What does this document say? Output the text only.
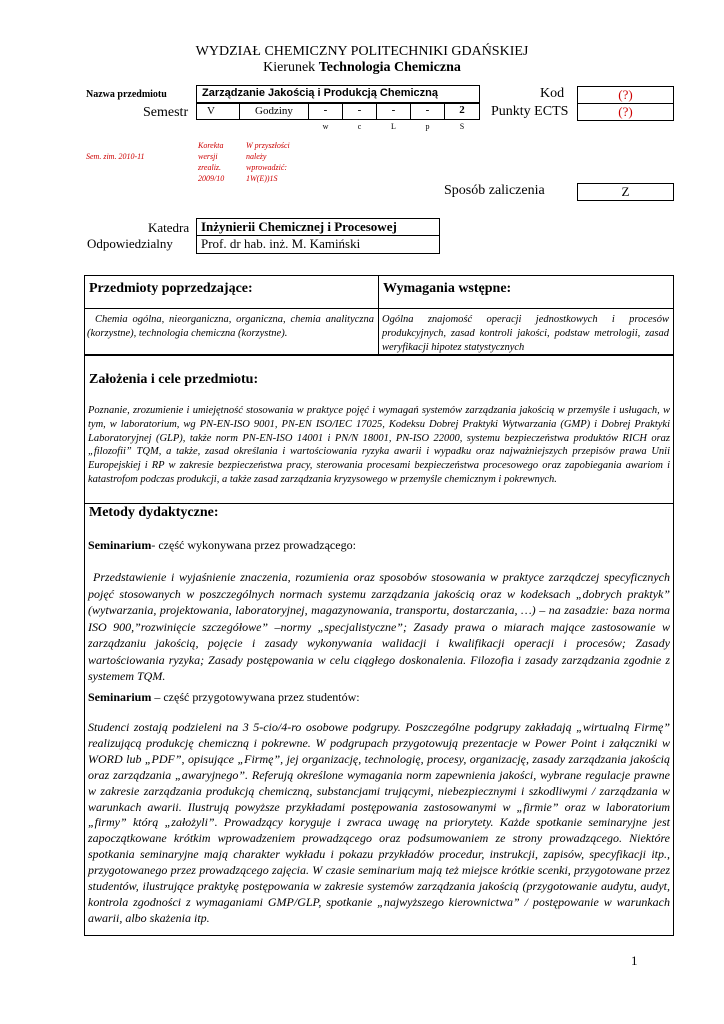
WYDZIAŁ CHEMICZNY POLITECHNIKI GDAŃSKIEJ
Kierunek Technologia Chemiczna
Nazwa przedmiotu	Zarządzanie Jakością i Produkcją Chemiczną
Semestr	V	Godziny	-	-	-	-	2
w	c	L	p	S
Kod	(?)
Punkty ECTS	(?)
Sem. zim. 2010-11
Korekta wersji zrealiz. 2009/10
W przyszłości należy wprowadzić: 1W(E))1S
Sposób zaliczenia	Z
Katedra Inżynierii Chemicznej i Procesowej
Odpowiedzialny	Prof. dr hab. inż. M. Kamiński
Przedmioty poprzedzające:	Wymagania wstępne:
Chemia ogólna, nieorganiczna, organiczna, chemia analityczna (korzystne), technologia chemiczna (korzystne).
Ogólna znajomość operacji jednostkowych i procesów produkcyjnych, zasad kontroli jakości, podstaw metrologii, zasad weryfikacji hipotez statystycznych
Założenia i cele przedmiotu:
Poznanie, zrozumienie i umiejętność stosowania w praktyce pojęć i wymagań systemów zarządzania jakością w przemyśle i usługach, w tym, w laboratorium, wg PN-EN-ISO 9001, PN-EN ISO/IEC 17025, Kodeksu Dobrej Praktyki Wytwarzania (GMP) i Dobrej Praktyki Laboratoryjnej (GLP), także norm PN-EN-ISO 14001 i PN/N 18001, PN-ISO 22000, systemu bezpieczeństwa produktów RICH oraz „filozofii” TQM, a także, zasad określania i wartościowania ryzyka awarii i wypadku oraz najważniejszych przepisów prawa Unii Europejskiej i RP w zakresie bezpieczeństwa pracy, sterowania procesami bezpieczeństwa procesowego oraz zapobiegania awariom i katastrofom podczas produkcji, a także zasad zarządzania kryzysowego w przemyśle chemicznym i pokrewnych.
Metody dydaktyczne:
Seminarium- część wykonywana przez prowadzącego:
Przedstawienie i wyjaśnienie znaczenia, rozumienia oraz sposobów stosowania w praktyce zarządczej specyficznych pojęć stosowanych w poszczególnych normach systemu zarządzania jakością oraz w kodeksach „dobrych praktyk” (wytwarzania, projektowania, laboratoryjnej, magazynowania, transportu, dostarczania, …) – na zasadzie: baza norma ISO 900,”rozwinięcie szczegółowe” –normy „specjalistyczne”; Zasady prawa o miarach mające zastosowanie w zarządzaniu jakością, pojęcie i zasady wykonywania walidacji i kwalifikacji operacji i procesów; Zasady wartościowania ryzyka; Zasady postępowania w celu ciągłego doskonalenia. Filozofia i zasady zarządzania zgodnie z systemem TQM.
Seminarium – część przygotowywana przez studentów:
Studenci zostają podzieleni na 3 5-cio/4-ro osobowe podgrupy. Poszczególne podgrupy zakładają „wirtualną Firmę” realizującą produkcję chemiczną i pokrewne. W podgrupach przygotowują prezentacje w Power Point i załączniki w WORD lub „PDF”, opisujące „Firmę”, jej organizację, technologię, procesy, organizację, zasady zarządzania jakością oraz zarządzania „awaryjnego”. Referują określone wymagania norm zapewnienia jakości, wybrane regulacje prawne w zakresie zarządzania produkcją chemiczną, substancjami trującymi, niebezpiecznymi i szkodliwymi / zarządzania w warunkach awarii. Ilustrują powyższe przykładami postępowania zastosowanymi w „firmie” oraz w laboratorium „firmy” którą „założyli”. Prowadzący koryguje i zwraca uwagę na priorytety. Każde spotkanie seminaryjne jest zapoczątkowane krótkim wprowadzeniem prowadzącego oraz podsumowaniem ze strony prowadzącego. Niektóre spotkania seminaryjne mają charakter wykładu i pokazu przykładów procedur, instrukcji, zapisów, specyfikacji itp., przygotowanego przez prowadzącego zajęcia. W czasie seminarium mają też miejsce krótkie scenki, przygotowane przez studentów, ilustrujące praktykę postępowania w zakresie systemów zarządzania jakością (przygotowanie audytu, audyt, kontrola zgodności z wymaganiami GMP/GLP, spotkanie „najwyższego kierownictwa” / postępowanie w warunkach awarii, albo skażenia itp.
1
